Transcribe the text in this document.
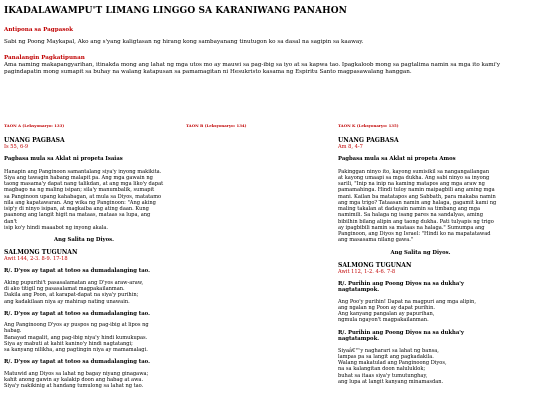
IKADALAWAMPU'T LIMANG LINGGO SA KARANIWANG PANAHON
Antipona sa Pagpasok
Sabi ng Poong Maykapal, Ako ang s'yang kaligtasan ng hirang kong sambayanang tinutugon ko sa dasal na sagipin sa kaaway.
Panalangin Pagkatipunan
Ama naming makapangyarihan, itinakda mong ang lahat ng mga utos mo ay mauwi sa pag-ibig sa iyo at sa kapwa tao. Ipagkaloob mong sa pagtalima namin sa mga ito kami'y pagindapatin mong sumapit sa buhay na walang katapusan sa pamamagitan ni Hesukristo kasama ng Espiritu Santo magpasawalang hanggan.
TAON A (Leksyonaryo: 133)
UNANG PAGBASA
Is 55, 6-9
Pagbasa mula sa Aklat ni propeta Isaias
Hanapin ang Panginoon samantalang siya'y inyong makikita.
Siya ang tawagin habang malapit pa. Ang mga gawain ng
taong masama'y dapat nang talikdan, at ang mga liko'y dapat
magbago na ng maling isipan; sila'y manumbalik, sumapit
sa Panginoon upang kahabagan, at mula sa Diyos, matatamo
nila ang kapatawaran. Ang wika ng Panginoon: "Ang aking
isip'y di ninyo isipan, at magkaiba ang ating daan. Kung
paanong ang langit higit na mataas, mataas sa lupa, ang dan't
isip ko'y hindi maaabot ng inyong akala.
Ang Salita ng Diyos.
SALMONG TUGUNAN
Awit 144, 2-3. 8-9. 17-18
R/. D'yos ay tapat at totoo sa dumadalanging tao.
Aking pupurihi't pasasalamatan ang D'yos araw-araw,
di ako titigil ng pasasalamat magpakailanman.
Dakila ang Poon, at karapat-dapat na siya'y purihin;
ang kadakilaan niya ay mahirap nating unawain.
R/. D'yos ay tapat at totoo sa dumadalanging tao.
Ang Panginoong D'yos ay puspos ng pag-ibig at lipos ng
habag.
Banayad magalit, ang pag-ibig niya'y hindi kumukupas.
Siya ay mabuti at kahit kanino'y hindi nagtatangi;
sa kanyang nilikha, ang pagtingin niya ay mamamalagi.
R/. D'yos ay tapat at totoo sa dumadalanging tao.
Matuwid ang Diyos sa lahat ng bagay niyang ginagawa;
kahit anong gawin ay kalakip doon ang habag at awa.
Siya'y nakikinig at handang tumulong sa lahat ng tao.
TAON B (Leksyonaryo: 134)	TAON K (Leksyonaryo: 135)
UNANG PAGBASA
Am 8, 4-7
Pagbasa mula sa Aklat ni propeta Amos
Pakinggan ninyo ito, kayong sumisikil sa nangangailangan
at kayong umaapi sa mga dukha. Ang sabi ninyo sa inyong
sarili, "Inip na inip na kaming matapos ang mga araw ng
pamamahinga. Hindi tuloy namin maipagbili ang aming mga
mani. Kailan ba matatapos ang Sabbath, para makaba namin
ang mga trigo? Tataasan namin ang halaga, gagamit kami ng
maling takalan at dadayain namin sa timbang ang mga
namimili. Sa halaga ng isang pares na sandalyas, aming
bibilhin bilang alipin ang taong dukha. Pati tulyapis ng trigo
ay ipagbibili namin sa mataas na halaga." Sumumpa ang
Panginoon, ang Diyos ng Israel: "Hindi ko na mapatatawad
ang masasama nilang gawa."
Ang Salita ng Diyos.
SALMONG TUGUNAN
Awit 112, 1-2. 4-6. 7-8
R/. Purihin ang Poong Diyos na sa dukha'y nagtatampok.
Ang Poo'y purihin! Dapat na magpuri ang mga alipin,
ang ngalan ng Poon ay dapat purihin.
Ang kanyang pangalan ay papurihan,
ngmula ngayon't magpakailanman.
R/. Purihin ang Poong Diyos na sa dukha'y nagtatampok.
Siyaâ€™y nagharari sa lahat ng bansa,
lampas pa sa langit ang pagkadakila.
Walang makatulad ang Panginoong Diyos,
na sa kalangitan doon naluluklok;
buhat sa itaas siya'y tumutunghay,
ang lupa at langit kanyang minamasdan.
